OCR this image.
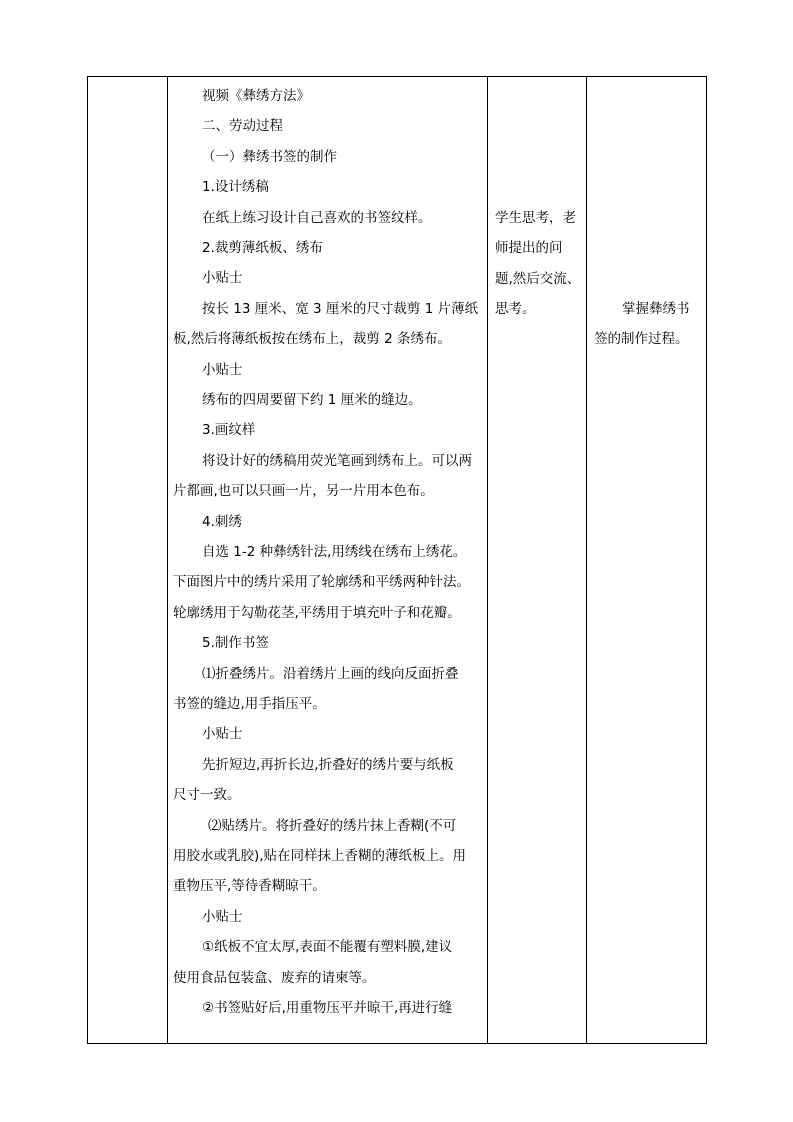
视频《彝绣方法》
二、劳动过程
（一）彝绣书签的制作
1.设计绣稿
在纸上练习设计自己喜欢的书签纹样。
2.裁剪薄纸板、绣布
小贴士
按长 13 厘米、宽 3 厘米的尺寸裁剪 1 片薄纸
板,然后将薄纸板按在绣布上，裁剪 2 条绣布。
小贴士
绣布的四周要留下约 1 厘米的缝边。
3.画纹样
将设计好的绣稿用荧光笔画到绣布上。可以两
片都画,也可以只画一片，另一片用本色布。
4.刺绣
自选 1-2 种彝绣针法,用绣线在绣布上绣花。
下面图片中的绣片采用了轮廓绣和平绣两种针法。
轮廓绣用于勾勒花茎,平绣用于填充叶子和花瓣。
5.制作书签
⑴折叠绣片。沿着绣片上画的线向反面折叠
书签的缝边,用手指压平。
小贴士
先折短边,再折长边,折叠好的绣片要与纸板
尺寸一致。
⑵贴绣片。将折叠好的绣片抹上香糊(不可
用胶水或乳胶),贴在同样抹上香糊的薄纸板上。用
重物压平,等待香糊晾干。
小贴士
①纸板不宜太厚,表面不能覆有塑料膜,建议
使用食品包装盒、废弃的请柬等。
②书签贴好后,用重物压平并晾干,再进行缝
学生思考，老
师提出的问
题,然后交流、
思考。	掌握彝绣书
签的制作过程。
